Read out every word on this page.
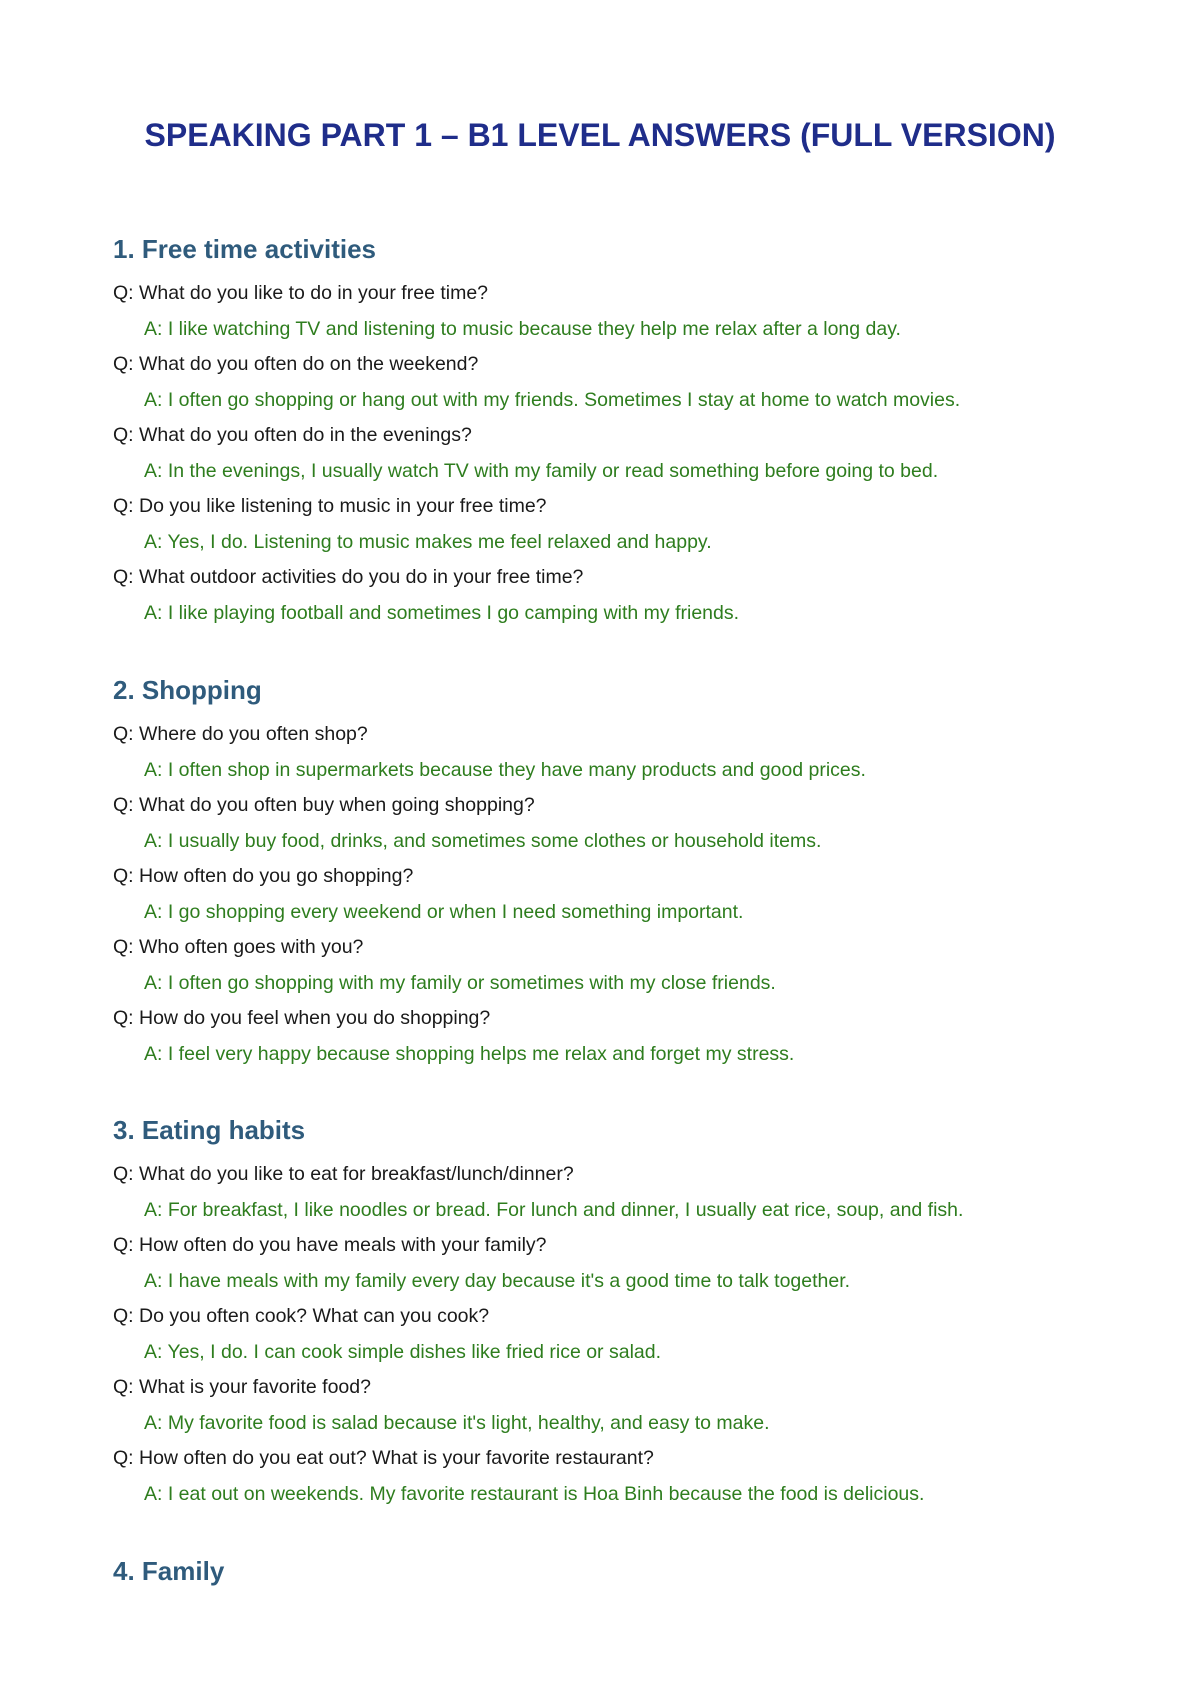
SPEAKING PART 1 – B1 LEVEL ANSWERS (FULL VERSION)
1. Free time activities
Q: What do you like to do in your free time?
A: I like watching TV and listening to music because they help me relax after a long day.
Q: What do you often do on the weekend?
A: I often go shopping or hang out with my friends. Sometimes I stay at home to watch movies.
Q: What do you often do in the evenings?
A: In the evenings, I usually watch TV with my family or read something before going to bed.
Q: Do you like listening to music in your free time?
A: Yes, I do. Listening to music makes me feel relaxed and happy.
Q: What outdoor activities do you do in your free time?
A: I like playing football and sometimes I go camping with my friends.
2. Shopping
Q: Where do you often shop?
A: I often shop in supermarkets because they have many products and good prices.
Q: What do you often buy when going shopping?
A: I usually buy food, drinks, and sometimes some clothes or household items.
Q: How often do you go shopping?
A: I go shopping every weekend or when I need something important.
Q: Who often goes with you?
A: I often go shopping with my family or sometimes with my close friends.
Q: How do you feel when you do shopping?
A: I feel very happy because shopping helps me relax and forget my stress.
3. Eating habits
Q: What do you like to eat for breakfast/lunch/dinner?
A: For breakfast, I like noodles or bread. For lunch and dinner, I usually eat rice, soup, and fish.
Q: How often do you have meals with your family?
A: I have meals with my family every day because it's a good time to talk together.
Q: Do you often cook? What can you cook?
A: Yes, I do. I can cook simple dishes like fried rice or salad.
Q: What is your favorite food?
A: My favorite food is salad because it's light, healthy, and easy to make.
Q: How often do you eat out? What is your favorite restaurant?
A: I eat out on weekends. My favorite restaurant is Hoa Binh because the food is delicious.
4. Family
